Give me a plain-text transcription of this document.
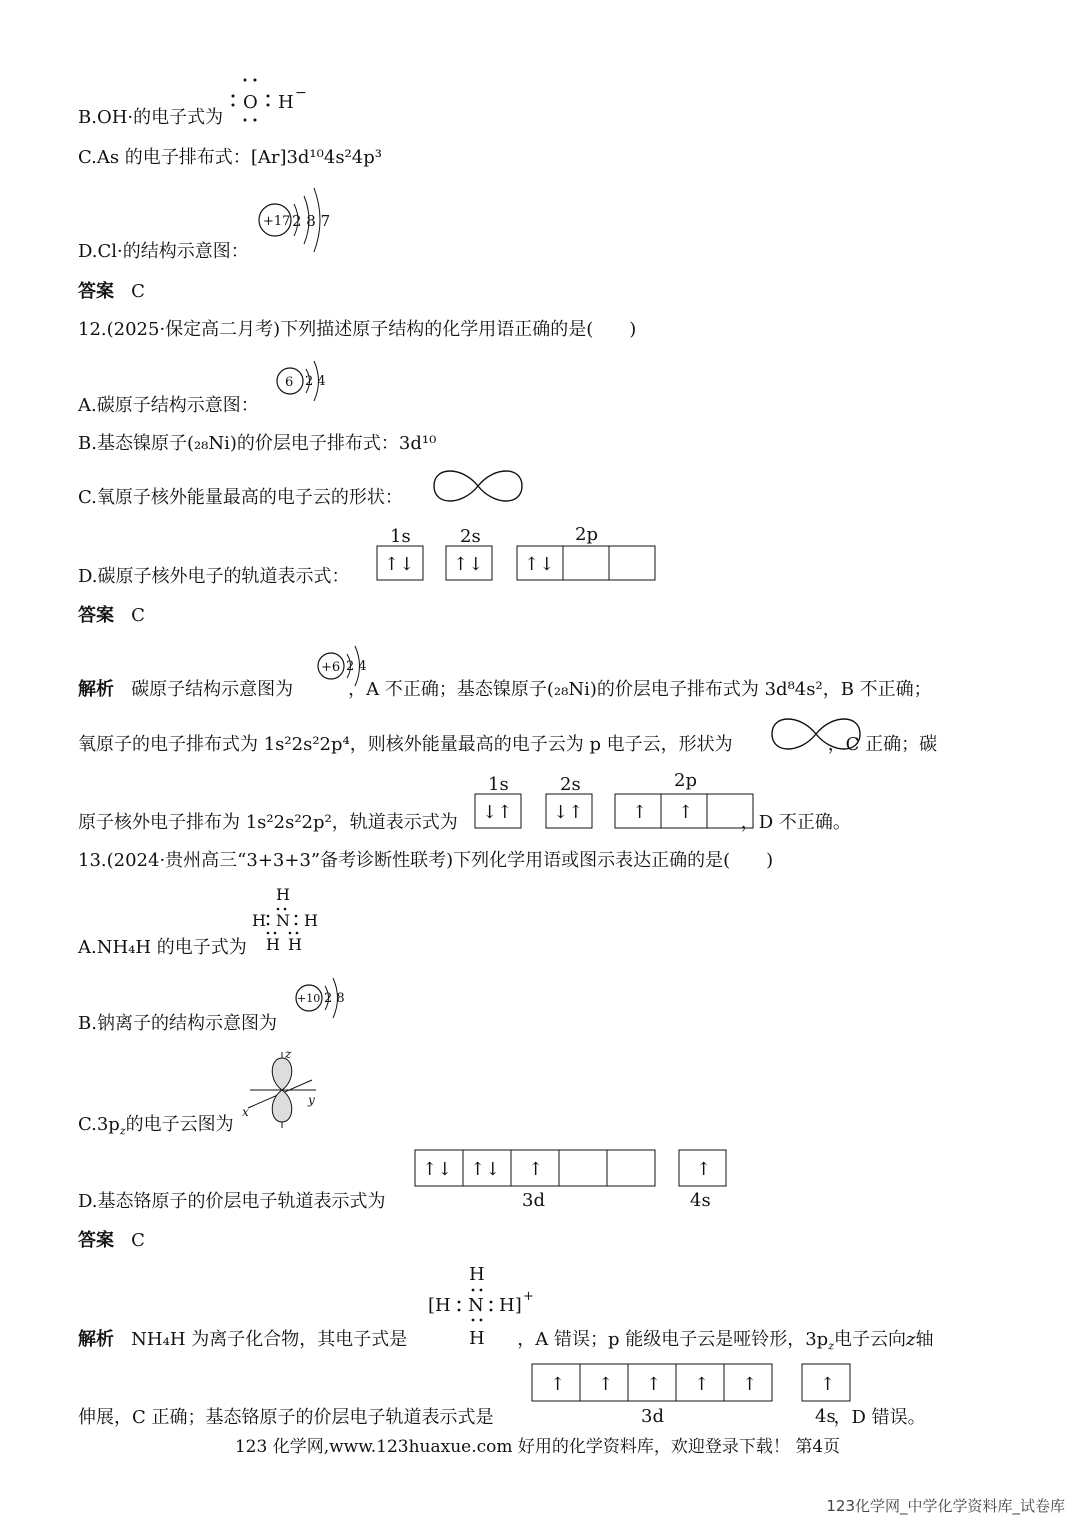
B.OH·的电子式为
O H −
C.As 的电子排布式：[Ar]3d¹⁰4s²4p³
D.Cl·的结构示意图：
+17 2 8 7
答案 C
12.(2025·保定高二月考)下列描述原子结构的化学用语正确的是(　　)
A.碳原子结构示意图：
6 2 4
B.基态镍原子(₂₈Ni)的价层电子排布式：3d¹⁰
C.氧原子核外能量最高的电子云的形状：
D.碳原子核外电子的轨道表示式：
1s	2s	2p
↑↓ ↑↓ ↑↓
答案 C
解析 碳原子结构示意图为	，A 不正确；基态镍原子(₂₈Ni)的价层电子排布式为 3d⁸4s²，B 不正确；
+6 2 4
氧原子的电子排布式为 1s²2s²2p⁴，则核外能量最高的电子云为 p 电子云，形状为	，C 正确；碳
原子核外电子排布为 1s²2s²2p²，轨道表示式为	，D 不正确。
1s	2s	2p
↓↑ ↓↑	↑ ↑
13.(2024·贵州高三“3+3+3”备考诊断性联考)下列化学用语或图示表达正确的是(　　)
A.NH₄H 的电子式为
H
H N H
H H
B.钠离子的结构示意图为
+10 2 8
$C.3p_z$的电子云图为
z
y
x
D.基态铬原子的价层电子轨道表示式为
↑↓ ↑↓ ↑	↑
3d	4s
答案 C
解析 NH₄H 为离子化合物，其电子式是	，A 错误；p 能级电子云是哑铃形，$3p_z$电子云向z轴
H
[H N H] +
H
伸展，C 正确；基态铬原子的价层电子轨道表示式是	，D 错误。
↑ ↑ ↑ ↑ ↑	↑
3d	4s
123 化学网,www.123huaxue.com 好用的化学资料库，欢迎登录下载！ 第4页
123化学网_中学化学资料库_试卷库
